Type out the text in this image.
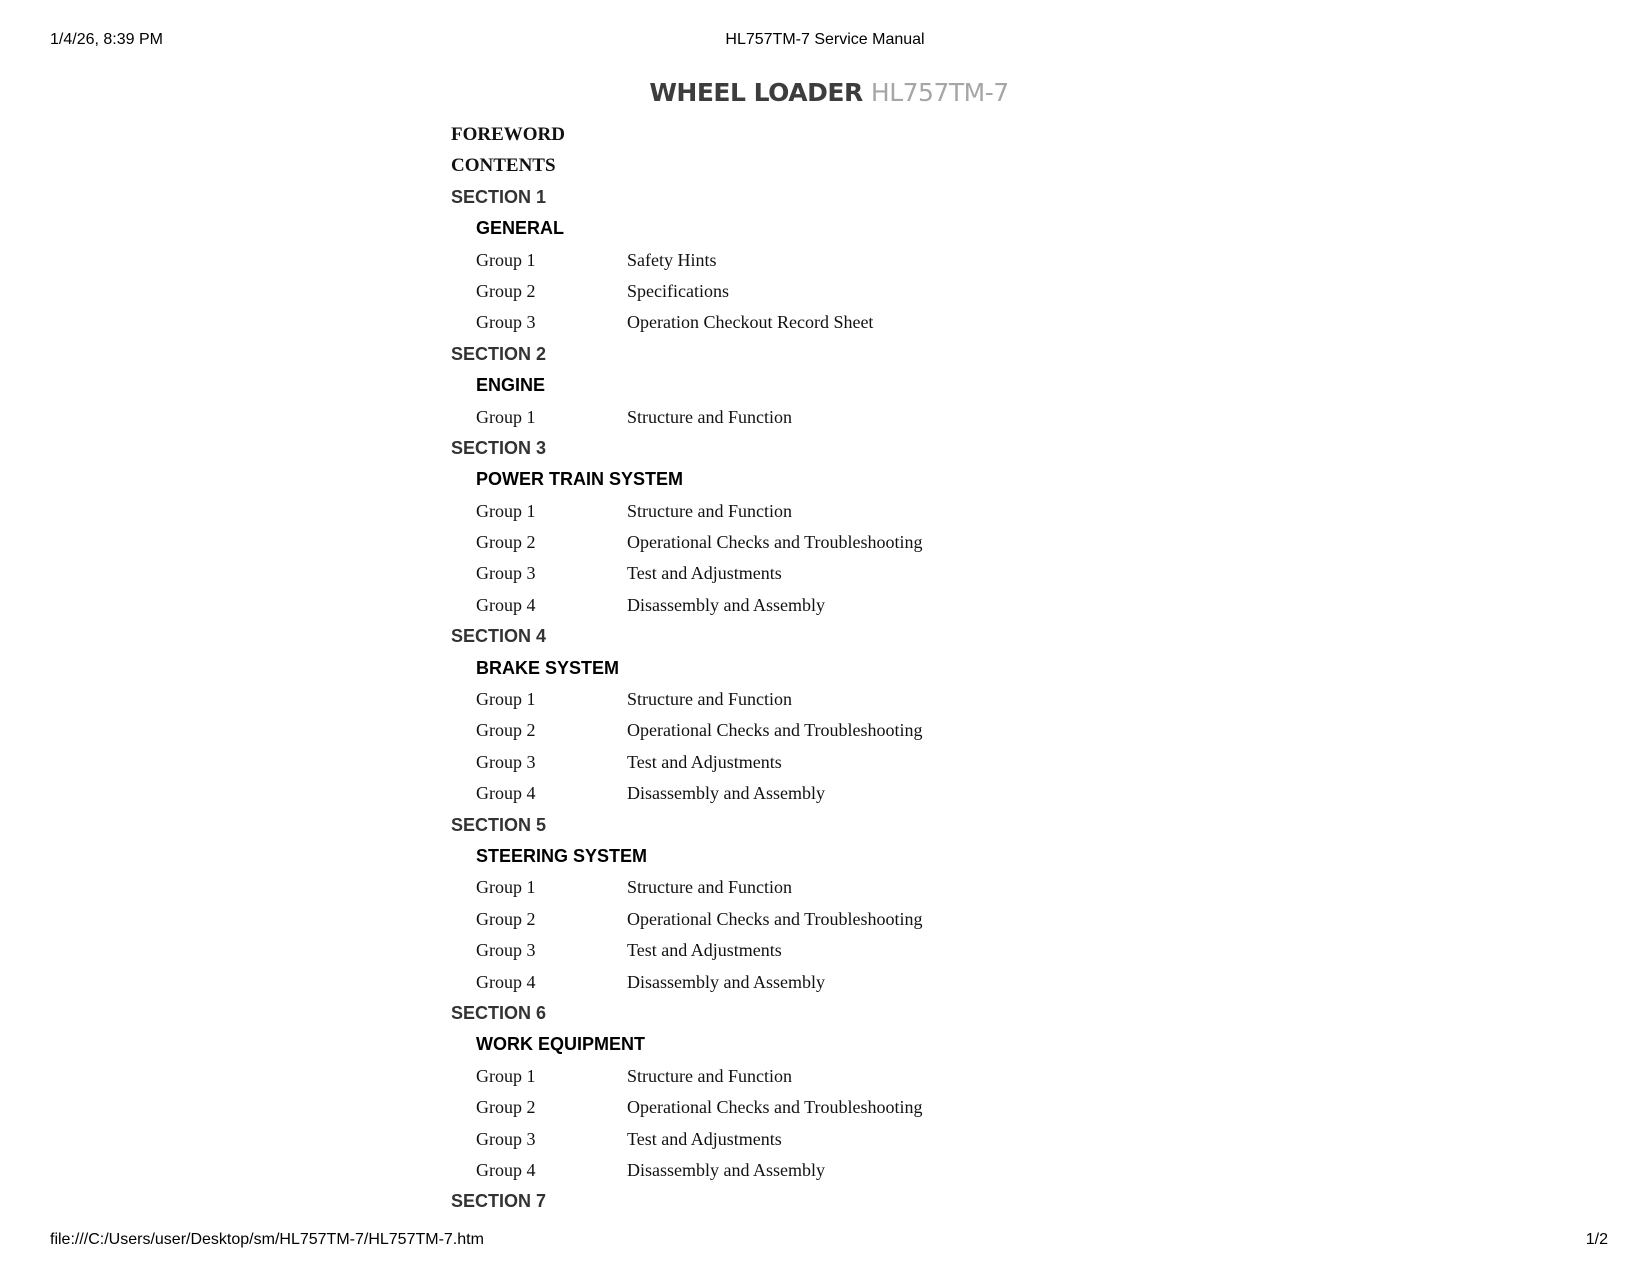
1/4/26, 8:39 PM	HL757TM-7 Service Manual
WHEEL LOADER HL757TM-7
FOREWORD
CONTENTS
SECTION 1
GENERAL
Group 1	Safety Hints
Group 2	Specifications
Group 3	Operation Checkout Record Sheet
SECTION 2
ENGINE
Group 1	Structure and Function
SECTION 3
POWER TRAIN SYSTEM
Group 1	Structure and Function
Group 2	Operational Checks and Troubleshooting
Group 3	Test and Adjustments
Group 4	Disassembly and Assembly
SECTION 4
BRAKE SYSTEM
Group 1	Structure and Function
Group 2	Operational Checks and Troubleshooting
Group 3	Test and Adjustments
Group 4	Disassembly and Assembly
SECTION 5
STEERING SYSTEM
Group 1	Structure and Function
Group 2	Operational Checks and Troubleshooting
Group 3	Test and Adjustments
Group 4	Disassembly and Assembly
SECTION 6
WORK EQUIPMENT
Group 1	Structure and Function
Group 2	Operational Checks and Troubleshooting
Group 3	Test and Adjustments
Group 4	Disassembly and Assembly
SECTION 7
file:///C:/Users/user/Desktop/sm/HL757TM-7/HL757TM-7.htm	1/2
